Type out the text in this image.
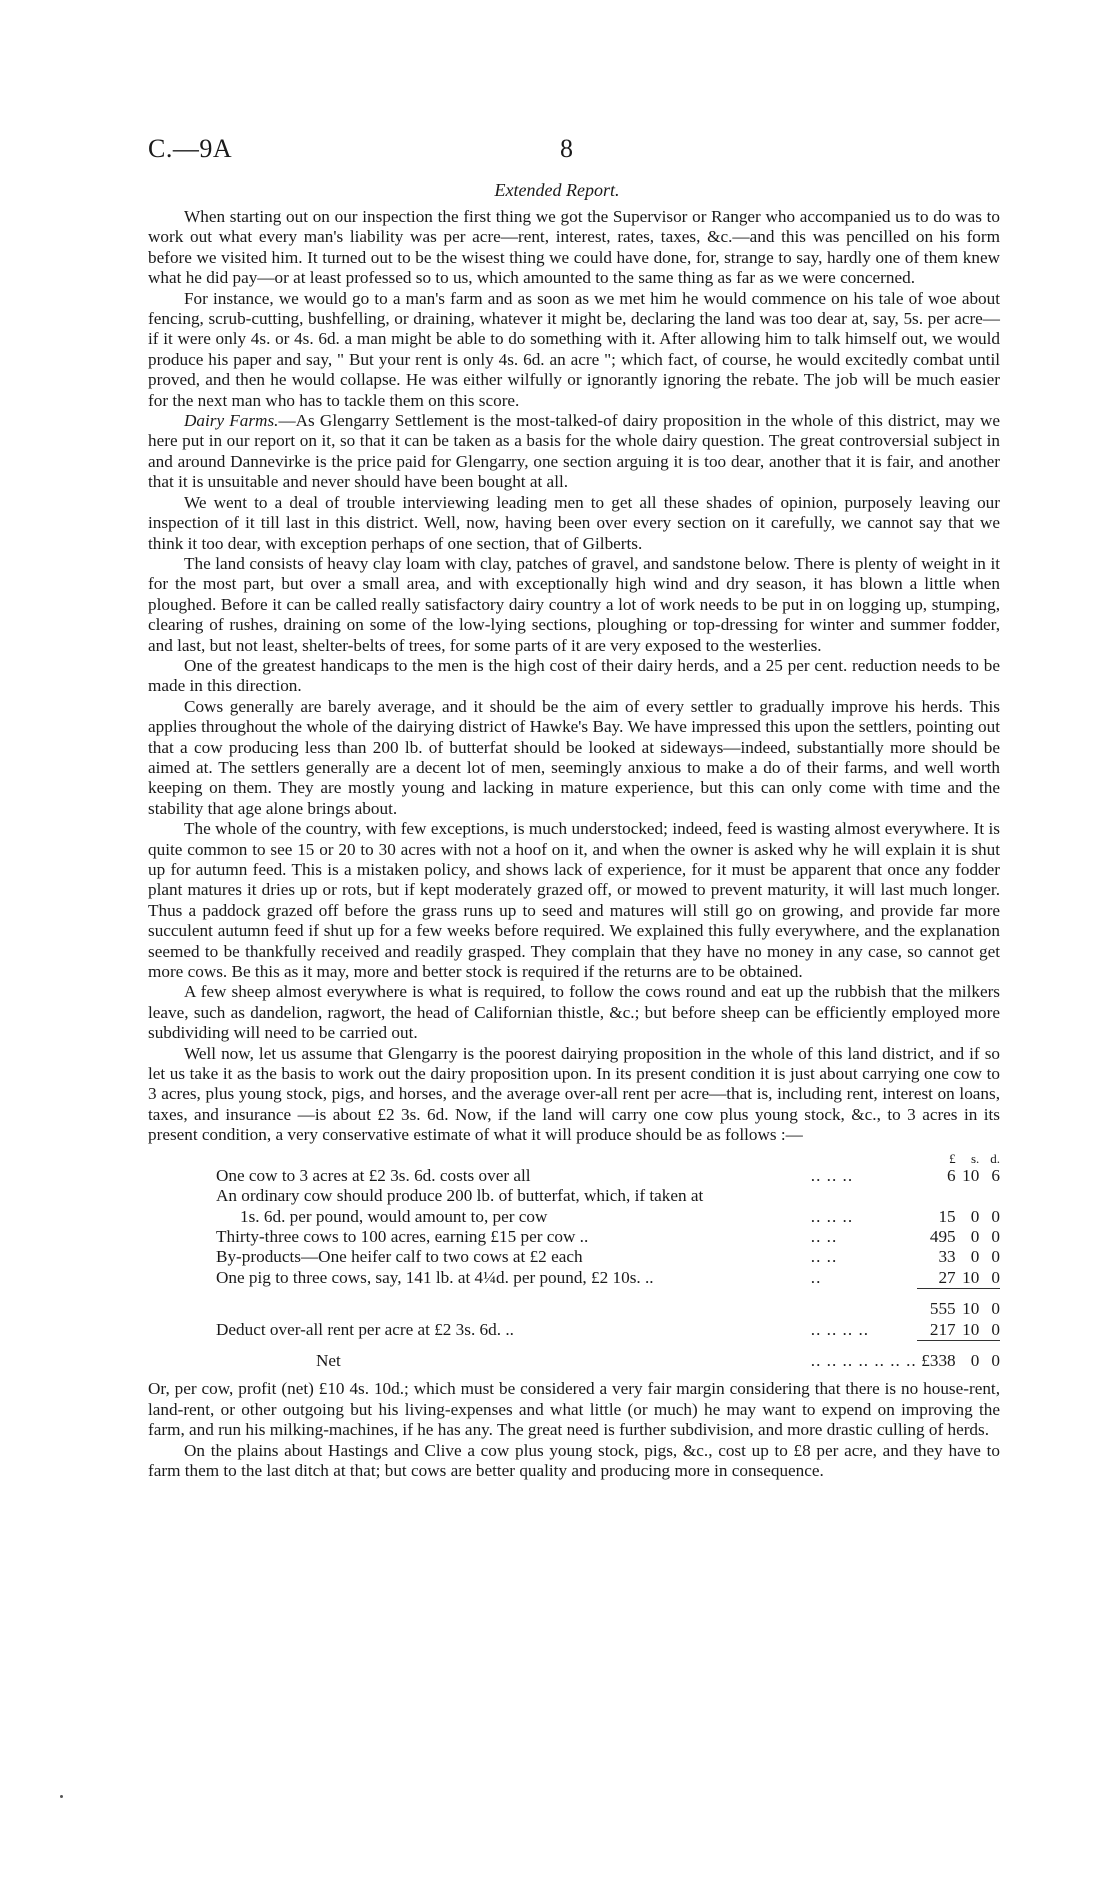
C.—9A	8
Extended Report.

When starting out on our inspection the first thing we got the Supervisor or Ranger who accompanied us to do was to work out what every man's liability was per acre—rent, interest, rates, taxes, &c.—and this was pencilled on his form before we visited him. It turned out to be the wisest thing we could have done, for, strange to say, hardly one of them knew what he did pay—or at least professed so to us, which amounted to the same thing as far as we were concerned.

For instance, we would go to a man's farm and as soon as we met him he would commence on his tale of woe about fencing, scrub-cutting, bushfelling, or draining, whatever it might be, declaring the land was too dear at, say, 5s. per acre—if it were only 4s. or 4s. 6d. a man might be able to do something with it. After allowing him to talk himself out, we would produce his paper and say, " But your rent is only 4s. 6d. an acre "; which fact, of course, he would excitedly combat until proved, and then he would collapse. He was either wilfully or ignorantly ignoring the rebate. The job will be much easier for the next man who has to tackle them on this score.

Dairy Farms.—As Glengarry Settlement is the most-talked-of dairy proposition in the whole of this district, may we here put in our report on it, so that it can be taken as a basis for the whole dairy question. The great controversial subject in and around Dannevirke is the price paid for Glengarry, one section arguing it is too dear, another that it is fair, and another that it is unsuitable and never should have been bought at all.

We went to a deal of trouble interviewing leading men to get all these shades of opinion, purposely leaving our inspection of it till last in this district. Well, now, having been over every section on it carefully, we cannot say that we think it too dear, with exception perhaps of one section, that of Gilberts.

The land consists of heavy clay loam with clay, patches of gravel, and sandstone below. There is plenty of weight in it for the most part, but over a small area, and with exceptionally high wind and dry season, it has blown a little when ploughed. Before it can be called really satisfactory dairy country a lot of work needs to be put in on logging up, stumping, clearing of rushes, draining on some of the low-lying sections, ploughing or top-dressing for winter and summer fodder, and last, but not least, shelter-belts of trees, for some parts of it are very exposed to the westerlies.

One of the greatest handicaps to the men is the high cost of their dairy herds, and a 25 per cent. reduction needs to be made in this direction.

Cows generally are barely average, and it should be the aim of every settler to gradually improve his herds. This applies throughout the whole of the dairying district of Hawke's Bay. We have impressed this upon the settlers, pointing out that a cow producing less than 200 lb. of butterfat should be looked at sideways—indeed, substantially more should be aimed at. The settlers generally are a decent lot of men, seemingly anxious to make a do of their farms, and well worth keeping on them. They are mostly young and lacking in mature experience, but this can only come with time and the stability that age alone brings about.

The whole of the country, with few exceptions, is much understocked; indeed, feed is wasting almost everywhere. It is quite common to see 15 or 20 to 30 acres with not a hoof on it, and when the owner is asked why he will explain it is shut up for autumn feed. This is a mistaken policy, and shows lack of experience, for it must be apparent that once any fodder plant matures it dries up or rots, but if kept moderately grazed off, or mowed to prevent maturity, it will last much longer. Thus a paddock grazed off before the grass runs up to seed and matures will still go on growing, and provide far more succulent autumn feed if shut up for a few weeks before required. We explained this fully everywhere, and the explanation seemed to be thankfully received and readily grasped. They complain that they have no money in any case, so cannot get more cows. Be this as it may, more and better stock is required if the returns are to be obtained.

A few sheep almost everywhere is what is required, to follow the cows round and eat up the rubbish that the milkers leave, such as dandelion, ragwort, the head of Californian thistle, &c.; but before sheep can be efficiently employed more subdividing will need to be carried out.

Well now, let us assume that Glengarry is the poorest dairying proposition in the whole of this land district, and if so let us take it as the basis to work out the dairy proposition upon. In its present condition it is just about carrying one cow to 3 acres, plus young stock, pigs, and horses, and the average over-all rent per acre—that is, including rent, interest on loans, taxes, and insurance —is about £2 3s. 6d. Now, if the land will carry one cow plus young stock, &c., to 3 acres in its present condition, a very conservative estimate of what it will produce should be as follows :—

		£	s.	d.
One cow to 3 acres at £2 3s. 6d. costs over all	.. .. ..	6	10	6
An ordinary cow should produce 200 lb. of butterfat, which, if taken at				
1s. 6d. per pound, would amount to, per cow	.. .. ..	15	0	0
Thirty-three cows to 100 acres, earning £15 per cow ..	.. ..	495	0	0
By-products—One heifer calf to two cows at £2 each	.. ..	33	0	0
One pig to three cows, say, 141 lb. at 4¼d. per pound, £2 10s. ..	..	27	10	0

		555	10	0
Deduct over-all rent per acre at £2 3s. 6d. ..	.. .. .. ..	217	10	0

Net	.. .. .. .. .. .. ..	£338	0	0

Or, per cow, profit (net) £10 4s. 10d.; which must be considered a very fair margin considering that there is no house-rent, land-rent, or other outgoing but his living-expenses and what little (or much) he may want to expend on improving the farm, and run his milking-machines, if he has any. The great need is further subdivision, and more drastic culling of herds.

On the plains about Hastings and Clive a cow plus young stock, pigs, &c., cost up to £8 per acre, and they have to farm them to the last ditch at that; but cows are better quality and producing more in consequence.
